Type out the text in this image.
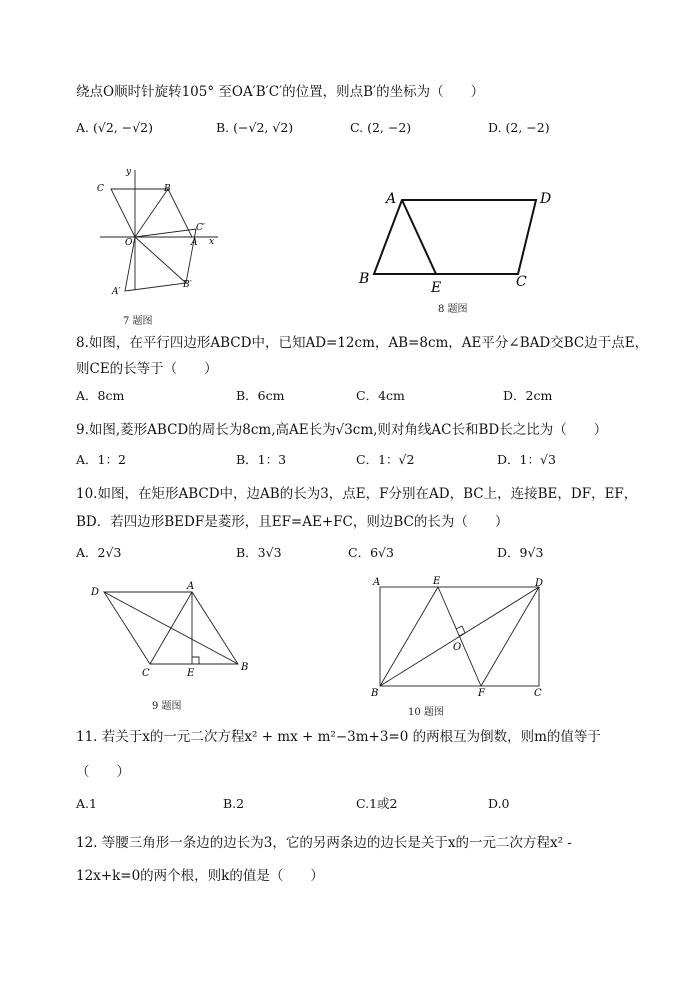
绕点O顺时针旋转105° 至OA′B′C′的位置，则点B′的坐标为（　　）
A. (√2, −√2)	B. (−√2, √2)	C. (2, −2)	D. (2, −2)
C	B
C′
O	A x
y
A′
B′
7 题图
A	D
B
E	C
8 题图
8.如图，在平行四边形ABCD中，已知AD=12cm，AB=8cm，AE平分∠BAD交BC边于点E，
则CE的长等于（　　）
A．8cm	B．6cm	C．4cm	D．2cm
9.如图,菱形ABCD的周长为8cm,高AE长为√3cm,则对角线AC长和BD长之比为（　　）
A．1：2	B．1：3	C．1：√2	D．1：√3
10.如图，在矩形ABCD中，边AB的长为3，点E，F分别在AD，BC上，连接BE，DF，EF，
BD．若四边形BEDF是菱形，且EF=AE+FC，则边BC的长为（　　）
A．2√3	B．3√3	C．6√3	D．9√3
D
A
C	E
B
9 题图
A	E	D
O
B	F	C
10 题图
11. 若关于x的一元二次方程x² + mx + m²−3m+3=0 的两根互为倒数，则m的值等于
（　　）
A.1	B.2	C.1或2	D.0
12. 等腰三角形一条边的边长为3，它的另两条边的边长是关于x的一元二次方程x² -
12x+k=0的两个根，则k的值是（　　）
